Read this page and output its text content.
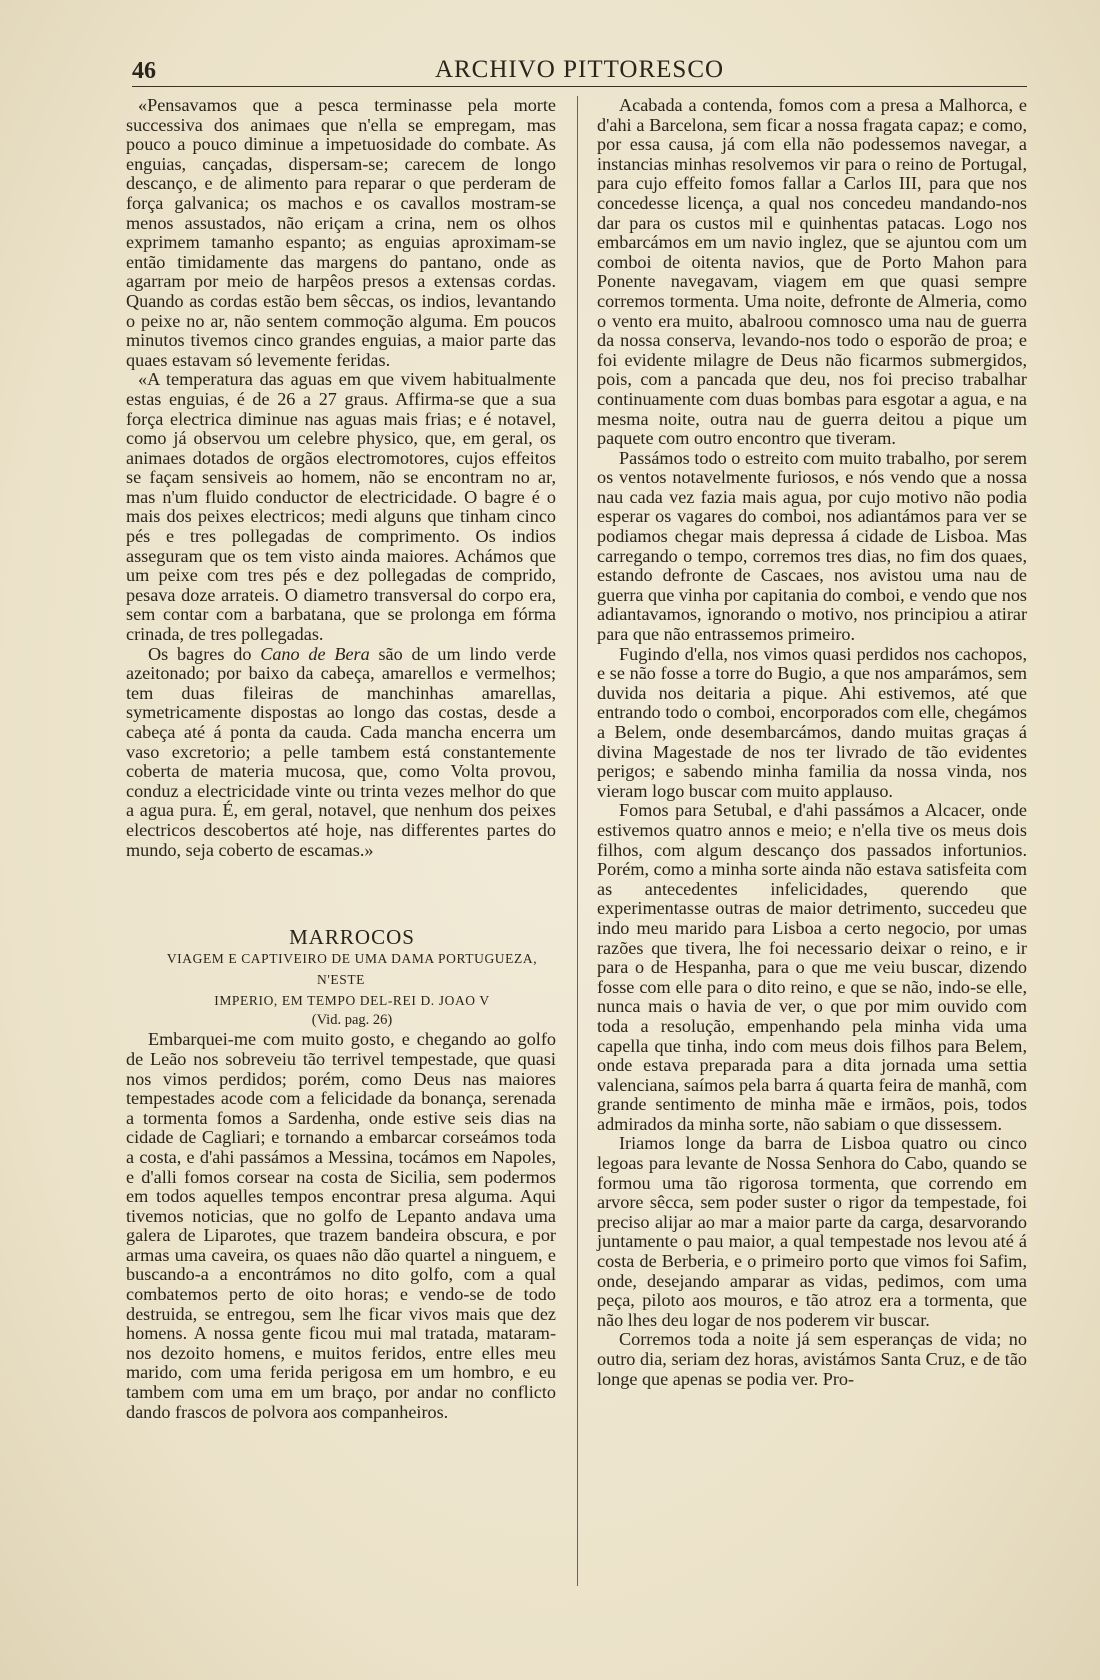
46	ARCHIVO PITTORESCO

«Pensavamos que a pesca terminasse pela morte successiva dos animaes que n'ella se empregam, mas pouco a pouco diminue a impetuosidade do combate. As enguias, cançadas, dispersam-se; carecem de longo descanço, e de alimento para reparar o que perderam de força galvanica; os machos e os cavallos mostram-se menos assustados, não eriçam a crina, nem os olhos exprimem tamanho espanto; as enguias aproximam-se então timidamente das margens do pantano, onde as agarram por meio de harpêos presos a extensas cordas. Quando as cordas estão bem sêccas, os indios, levantando o peixe no ar, não sentem commoção alguma. Em poucos minutos tivemos cinco grandes enguias, a maior parte das quaes estavam só levemente feridas.

«A temperatura das aguas em que vivem habitualmente estas enguias, é de 26 a 27 graus. Affirma-se que a sua força electrica diminue nas aguas mais frias; e é notavel, como já observou um celebre physico, que, em geral, os animaes dotados de orgãos electromotores, cujos effeitos se façam sensiveis ao homem, não se encontram no ar, mas n'um fluido conductor de electricidade. O bagre é o mais dos peixes electricos; medi alguns que tinham cinco pés e tres pollegadas de comprimento. Os indios asseguram que os tem visto ainda maiores. Achámos que um peixe com tres pés e dez pollegadas de comprido, pesava doze arrateis. O diametro transversal do corpo era, sem contar com a barbatana, que se prolonga em fórma crinada, de tres pollegadas.

Os bagres do Cano de Bera são de um lindo verde azeitonado; por baixo da cabeça, amarellos e vermelhos; tem duas fileiras de manchinhas amarellas, symetricamente dispostas ao longo das costas, desde a cabeça até á ponta da cauda. Cada mancha encerra um vaso excretorio; a pelle tambem está constantemente coberta de materia mucosa, que, como Volta provou, conduz a electricidade vinte ou trinta vezes melhor do que a agua pura. É, em geral, notavel, que nenhum dos peixes electricos descobertos até hoje, nas differentes partes do mundo, seja coberto de escamas.»

MARROCOS

VIAGEM E CAPTIVEIRO DE UMA DAMA PORTUGUEZA, N'ESTE

IMPERIO, EM TEMPO DEL-REI D. JOAO V

(Vid. pag. 26)

Embarquei-me com muito gosto, e chegando ao golfo de Leão nos sobreveiu tão terrivel tempestade, que quasi nos vimos perdidos; porém, como Deus nas maiores tempestades acode com a felicidade da bonança, serenada a tormenta fomos a Sardenha, onde estive seis dias na cidade de Cagliari; e tornando a embarcar corseámos toda a costa, e d'ahi passámos a Messina, tocámos em Napoles, e d'alli fomos corsear na costa de Sicilia, sem podermos em todos aquelles tempos encontrar presa alguma. Aqui tivemos noticias, que no golfo de Lepanto andava uma galera de Liparotes, que trazem bandeira obscura, e por armas uma caveira, os quaes não dão quartel a ninguem, e buscando-a a encontrámos no dito golfo, com a qual combatemos perto de oito horas; e vendo-se de todo destruida, se entregou, sem lhe ficar vivos mais que dez homens. A nossa gente ficou mui mal tratada, mataram-nos dezoito homens, e muitos feridos, entre elles meu marido, com uma ferida perigosa em um hombro, e eu tambem com uma em um braço, por andar no conflicto dando frascos de polvora aos companheiros.

Acabada a contenda, fomos com a presa a Malhorca, e d'ahi a Barcelona, sem ficar a nossa fragata capaz; e como, por essa causa, já com ella não podessemos navegar, a instancias minhas resolvemos vir para o reino de Portugal, para cujo effeito fomos fallar a Carlos III, para que nos concedesse licença, a qual nos concedeu mandando-nos dar para os custos mil e quinhentas patacas. Logo nos embarcámos em um navio inglez, que se ajuntou com um comboi de oitenta navios, que de Porto Mahon para Ponente navegavam, viagem em que quasi sempre corremos tormenta. Uma noite, defronte de Almeria, como o vento era muito, abalroou comnosco uma nau de guerra da nossa conserva, levando-nos todo o esporão de proa; e foi evidente milagre de Deus não ficarmos submergidos, pois, com a pancada que deu, nos foi preciso trabalhar continuamente com duas bombas para esgotar a agua, e na mesma noite, outra nau de guerra deitou a pique um paquete com outro encontro que tiveram.

Passámos todo o estreito com muito trabalho, por serem os ventos notavelmente furiosos, e nós vendo que a nossa nau cada vez fazia mais agua, por cujo motivo não podia esperar os vagares do comboi, nos adiantámos para ver se podiamos chegar mais depressa á cidade de Lisboa. Mas carregando o tempo, corremos tres dias, no fim dos quaes, estando defronte de Cascaes, nos avistou uma nau de guerra que vinha por capitania do comboi, e vendo que nos adiantavamos, ignorando o motivo, nos principiou a atirar para que não entrassemos primeiro.

Fugindo d'ella, nos vimos quasi perdidos nos cachopos, e se não fosse a torre do Bugio, a que nos amparámos, sem duvida nos deitaria a pique. Ahi estivemos, até que entrando todo o comboi, encorporados com elle, chegámos a Belem, onde desembarcámos, dando muitas graças á divina Magestade de nos ter livrado de tão evidentes perigos; e sabendo minha familia da nossa vinda, nos vieram logo buscar com muito applauso.

Fomos para Setubal, e d'ahi passámos a Alcacer, onde estivemos quatro annos e meio; e n'ella tive os meus dois filhos, com algum descanço dos passados infortunios. Porém, como a minha sorte ainda não estava satisfeita com as antecedentes infelicidades, querendo que experimentasse outras de maior detrimento, succedeu que indo meu marido para Lisboa a certo negocio, por umas razões que tivera, lhe foi necessario deixar o reino, e ir para o de Hespanha, para o que me veiu buscar, dizendo fosse com elle para o dito reino, e que se não, indo-se elle, nunca mais o havia de ver, o que por mim ouvido com toda a resolução, empenhando pela minha vida uma capella que tinha, indo com meus dois filhos para Belem, onde estava preparada para a dita jornada uma settia valenciana, saímos pela barra á quarta feira de manhã, com grande sentimento de minha mãe e irmãos, pois, todos admirados da minha sorte, não sabiam o que dissessem.

Iriamos longe da barra de Lisboa quatro ou cinco legoas para levante de Nossa Senhora do Cabo, quando se formou uma tão rigorosa tormenta, que correndo em arvore sêcca, sem poder suster o rigor da tempestade, foi preciso alijar ao mar a maior parte da carga, desarvorando juntamente o pau maior, a qual tempestade nos levou até á costa de Berberia, e o primeiro porto que vimos foi Safim, onde, desejando amparar as vidas, pedimos, com uma peça, piloto aos mouros, e tão atroz era a tormenta, que não lhes deu logar de nos poderem vir buscar.

Corremos toda a noite já sem esperanças de vida; no outro dia, seriam dez horas, avistámos Santa Cruz, e de tão longe que apenas se podia ver. Pro-
